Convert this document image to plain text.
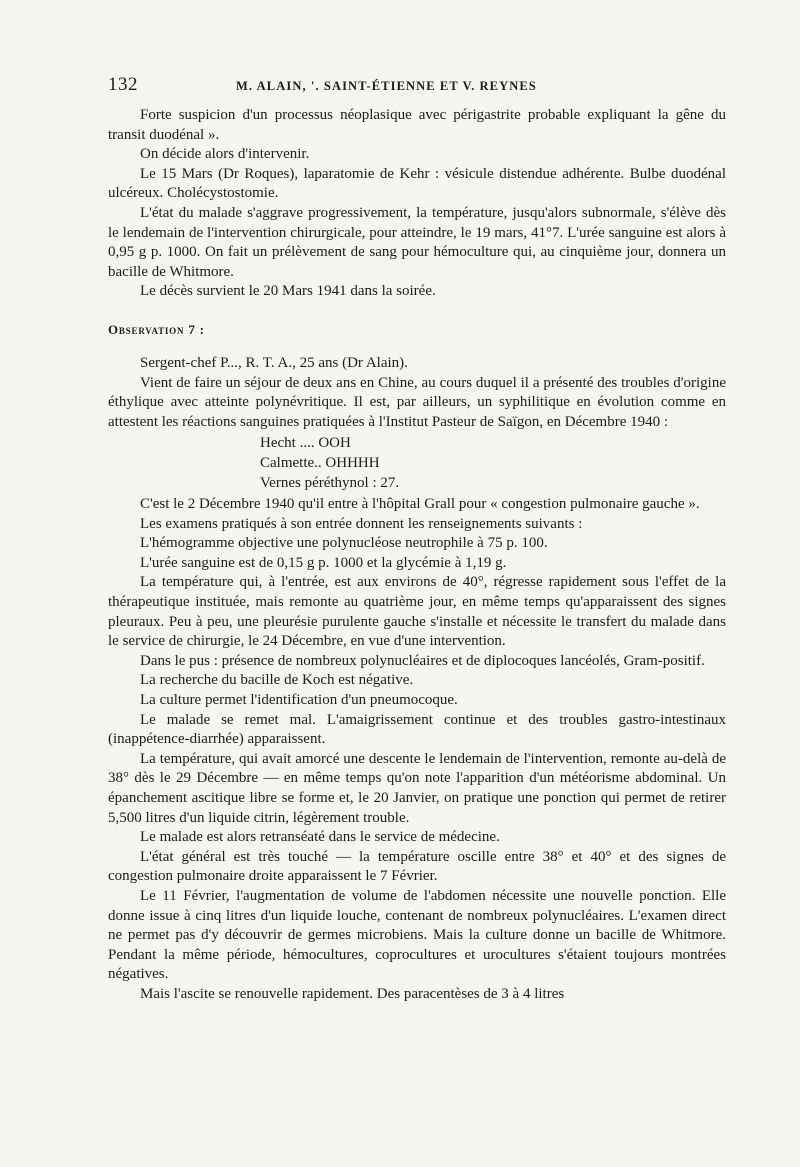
132	M. ALAIN, '. SAINT-ÉTIENNE ET V. REYNES

Forte suspicion d'un processus néoplasique avec périgastrite probable expliquant la gêne du transit duodénal ».

On décide alors d'intervenir.

Le 15 Mars (Dr Roques), laparatomie de Kehr : vésicule distendue adhérente. Bulbe duodénal ulcéreux. Cholécystostomie.

L'état du malade s'aggrave progressivement, la température, jusqu'alors subnormale, s'élève dès le lendemain de l'intervention chirurgicale, pour atteindre, le 19 mars, 41°7. L'urée sanguine est alors à 0,95 g p. 1000. On fait un prélèvement de sang pour hémoculture qui, au cinquième jour, donnera un bacille de Whitmore.

Le décès survient le 20 Mars 1941 dans la soirée.

Observation 7 :

Sergent-chef P..., R. T. A., 25 ans (Dr Alain).

Vient de faire un séjour de deux ans en Chine, au cours duquel il a présenté des troubles d'origine éthylique avec atteinte polynévritique. Il est, par ailleurs, un syphilitique en évolution comme en attestent les réactions sanguines pratiquées à l'Institut Pasteur de Saïgon, en Décembre 1940 :

Hecht .... OOH
Calmette.. OHHHH
Vernes péréthynol : 27.

C'est le 2 Décembre 1940 qu'il entre à l'hôpital Grall pour « congestion pulmonaire gauche ».

Les examens pratiqués à son entrée donnent les renseignements suivants :

L'hémogramme objective une polynucléose neutrophile à 75 p. 100.

L'urée sanguine est de 0,15 g p. 1000 et la glycémie à 1,19 g.

La température qui, à l'entrée, est aux environs de 40°, régresse rapidement sous l'effet de la thérapeutique instituée, mais remonte au quatrième jour, en même temps qu'apparaissent des signes pleuraux. Peu à peu, une pleurésie purulente gauche s'installe et nécessite le transfert du malade dans le service de chirurgie, le 24 Décembre, en vue d'une intervention.

Dans le pus : présence de nombreux polynucléaires et de diplocoques lancéolés, Gram-positif.

La recherche du bacille de Koch est négative.

La culture permet l'identification d'un pneumocoque.

Le malade se remet mal. L'amaigrissement continue et des troubles gastro-intestinaux (inappétence-diarrhée) apparaissent.

La température, qui avait amorcé une descente le lendemain de l'intervention, remonte au-delà de 38° dès le 29 Décembre — en même temps qu'on note l'apparition d'un météorisme abdominal. Un épanchement ascitique libre se forme et, le 20 Janvier, on pratique une ponction qui permet de retirer 5,500 litres d'un liquide citrin, légèrement trouble.

Le malade est alors retranséaté dans le service de médecine.

L'état général est très touché — la température oscille entre 38° et 40° et des signes de congestion pulmonaire droite apparaissent le 7 Février.

Le 11 Février, l'augmentation de volume de l'abdomen nécessite une nouvelle ponction. Elle donne issue à cinq litres d'un liquide louche, contenant de nombreux polynucléaires. L'examen direct ne permet pas d'y découvrir de germes microbiens. Mais la culture donne un bacille de Whitmore. Pendant la même période, hémocultures, coprocultures et urocultures s'étaient toujours montrées négatives.

Mais l'ascite se renouvelle rapidement. Des paracentèses de 3 à 4 litres
